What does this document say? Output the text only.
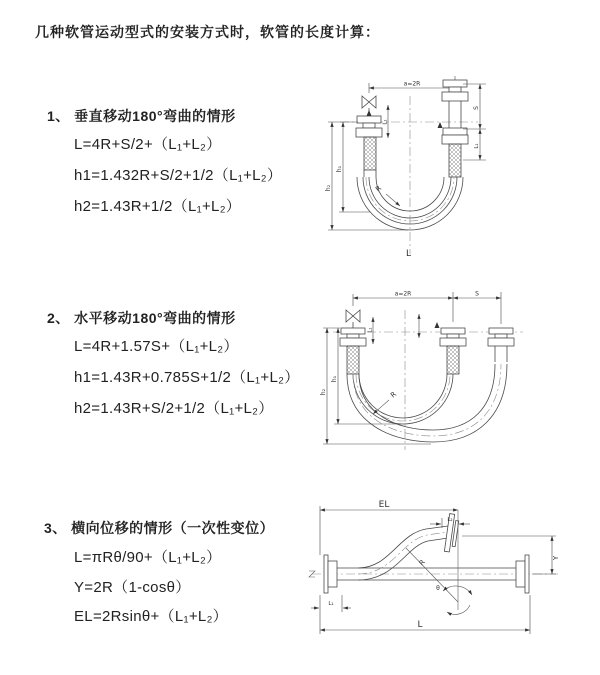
几种软管运动型式的安装方式时，软管的长度计算：
1、 垂直移动180°弯曲的情形
L=4R+S/2+（L₁+L₂）
h1=1.432R+S/2+1/2（L₁+L₂）
h2=1.43R+1/2（L₁+L₂）
a=2R
h₂
h₁
L₁
S
L₁
R
L
2、 水平移动180°弯曲的情形
L=4R+1.57S+（L₁+L₂）
h1=1.43R+0.785S+1/2（L₁+L₂）
h2=1.43R+S/2+1/2（L₁+L₂）
a=2R	S
h₂
h₁
L₁
R
3、 横向位移的情形（一次性变位）
L=πRθ/90+（L₁+L₂）
Y=2R（1-cosθ）
EL=2Rsinθ+（L₁+L₂）
EL
L₂
Y
R
θ
L₁
L
